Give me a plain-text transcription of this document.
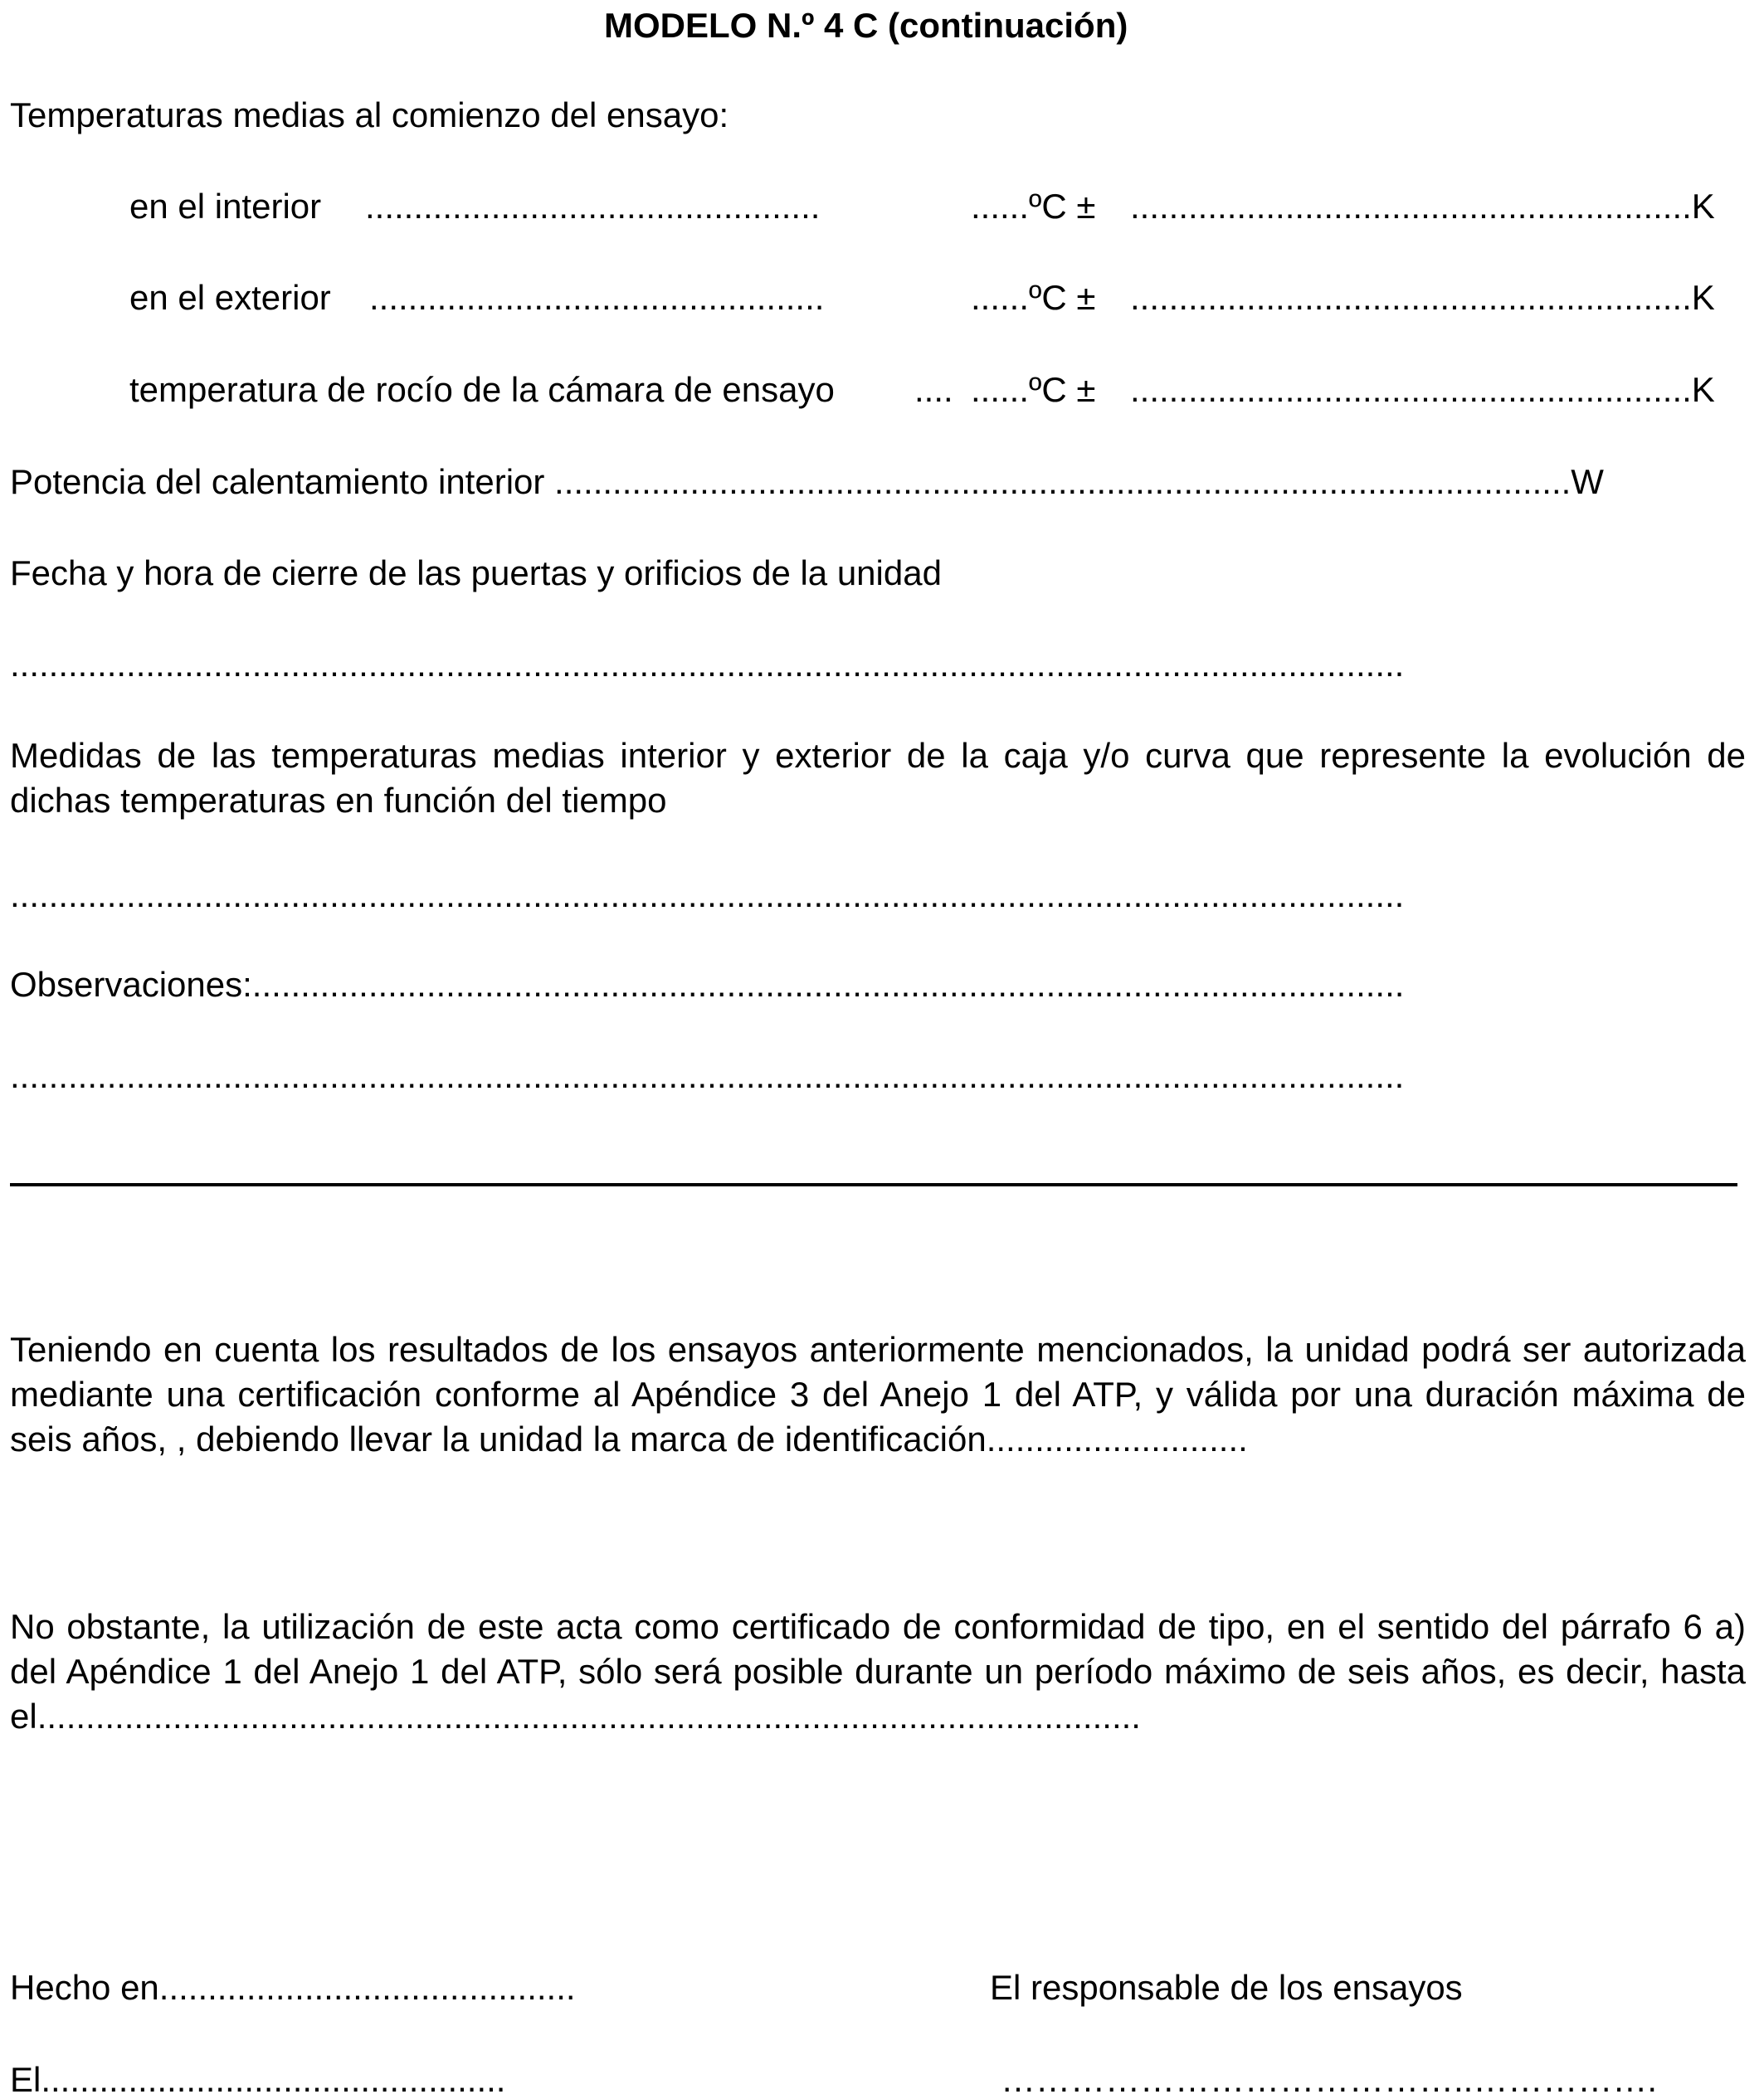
MODELO N.º 4 C (continuación)
Temperaturas medias al comienzo del ensayo:
en el interior ...............................................	......ºC ± ..........................................................K
en el exterior ...............................................	......ºC ± ..........................................................K
temperatura de rocío de la cámara de ensayo .... ......ºC ± ..........................................................K
Potencia del calentamiento interior .........................................................................................................W
Fecha y hora de cierre de las puertas y orificios de la unidad
................................................................................................................................................

Medidas de las temperaturas medias interior y exterior de la caja y/o curva que represente la evolución de dichas temperaturas en función del tiempo

................................................................................................................................................
Observaciones:.......................................................................................................................
................................................................................................................................................

Teniendo en cuenta los resultados de los ensayos anteriormente mencionados, la unidad podrá ser autorizada mediante una certificación conforme al Apéndice 3 del Anejo 1 del ATP, y válida por una duración máxima de seis años, , debiendo llevar la unidad la marca de identificación...........................

No obstante, la utilización de este acta como certificado de conformidad de tipo, en el sentido del párrafo 6 a) del Apéndice 1 del Anejo 1 del ATP, sólo será posible durante un período máximo de seis años, es decir, hasta el..................................................................................................................

Hecho en...........................................	El responsable de los ensayos
El................................................	…………………………………..…………….
